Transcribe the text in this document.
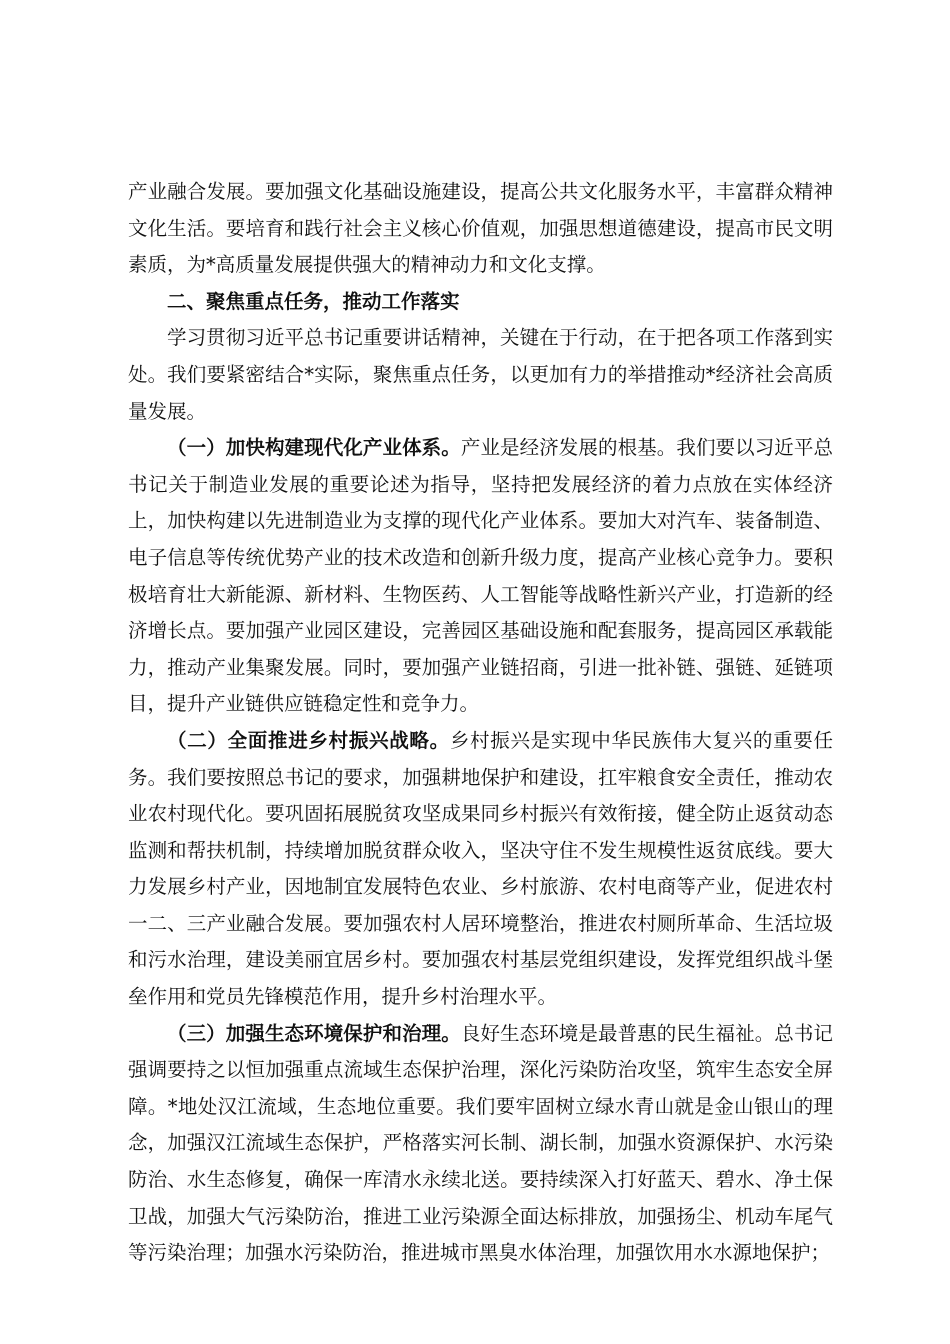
产业融合发展。要加强文化基础设施建设，提高公共文化服务水平，丰富群众精神文化生活。要培育和践行社会主义核心价值观，加强思想道德建设，提高市民文明素质，为*高质量发展提供强大的精神动力和文化支撑。

二、聚焦重点任务，推动工作落实

学习贯彻习近平总书记重要讲话精神，关键在于行动，在于把各项工作落到实处。我们要紧密结合*实际，聚焦重点任务，以更加有力的举措推动*经济社会高质量发展。

（一）加快构建现代化产业体系。产业是经济发展的根基。我们要以习近平总书记关于制造业发展的重要论述为指导，坚持把发展经济的着力点放在实体经济上，加快构建以先进制造业为支撑的现代化产业体系。要加大对汽车、装备制造、电子信息等传统优势产业的技术改造和创新升级力度，提高产业核心竞争力。要积极培育壮大新能源、新材料、生物医药、人工智能等战略性新兴产业，打造新的经济增长点。要加强产业园区建设，完善园区基础设施和配套服务，提高园区承载能力，推动产业集聚发展。同时，要加强产业链招商，引进一批补链、强链、延链项目，提升产业链供应链稳定性和竞争力。

（二）全面推进乡村振兴战略。乡村振兴是实现中华民族伟大复兴的重要任务。我们要按照总书记的要求，加强耕地保护和建设，扛牢粮食安全责任，推动农业农村现代化。要巩固拓展脱贫攻坚成果同乡村振兴有效衔接，健全防止返贫动态监测和帮扶机制，持续增加脱贫群众收入，坚决守住不发生规模性返贫底线。要大力发展乡村产业，因地制宜发展特色农业、乡村旅游、农村电商等产业，促进农村一二、三产业融合发展。要加强农村人居环境整治，推进农村厕所革命、生活垃圾和污水治理，建设美丽宜居乡村。要加强农村基层党组织建设，发挥党组织战斗堡垒作用和党员先锋模范作用，提升乡村治理水平。

（三）加强生态环境保护和治理。良好生态环境是最普惠的民生福祉。总书记强调要持之以恒加强重点流域生态保护治理，深化污染防治攻坚，筑牢生态安全屏障。*地处汉江流域，生态地位重要。我们要牢固树立绿水青山就是金山银山的理念，加强汉江流域生态保护，严格落实河长制、湖长制，加强水资源保护、水污染防治、水生态修复，确保一库清水永续北送。要持续深入打好蓝天、碧水、净土保卫战，加强大气污染防治，推进工业污染源全面达标排放，加强扬尘、机动车尾气等污染治理；加强水污染防治，推进城市黑臭水体治理，加强饮用水水源地保护；
